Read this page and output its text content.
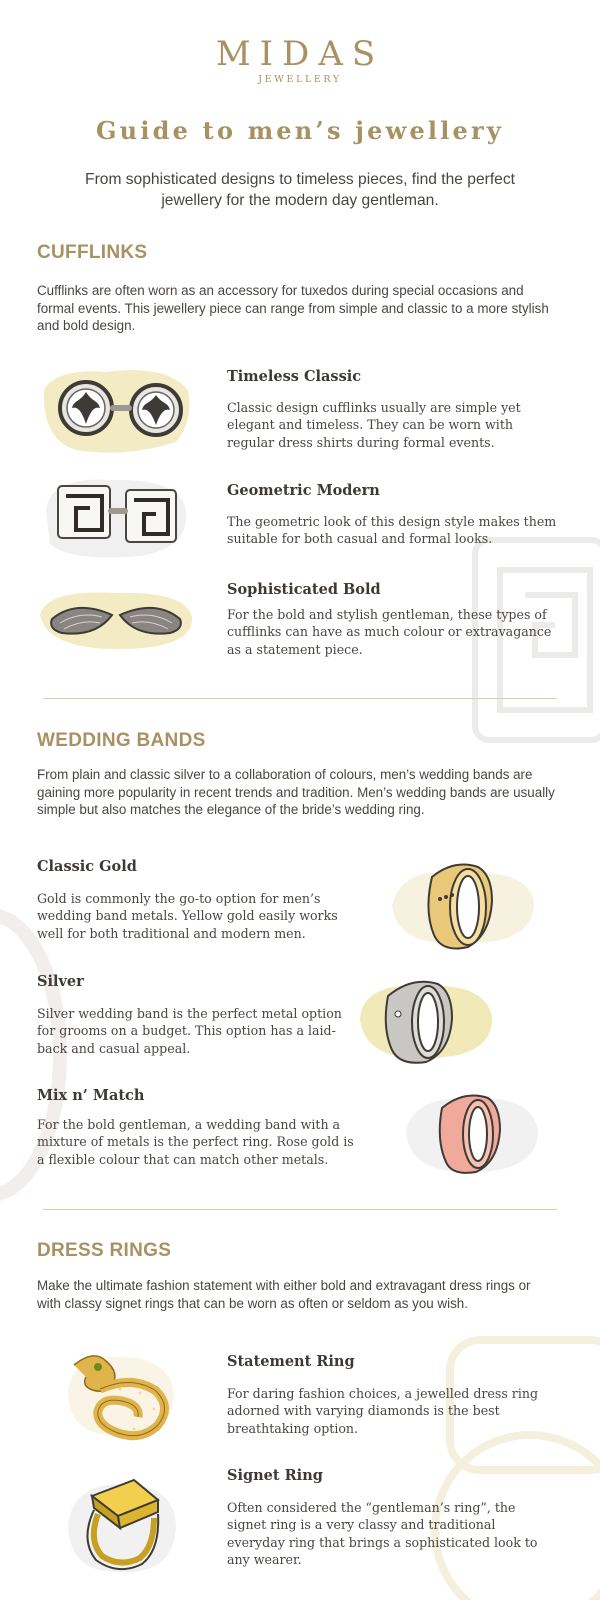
MIDAS
JEWELLERY
Guide to men’s jewellery
From sophisticated designs to timeless pieces, find the perfect jewellery for the modern day gentleman.
CUFFLINKS
Cufflinks are often worn as an accessory for tuxedos during special occasions and formal events. This jewellery piece can range from simple and classic to a more stylish and bold design.
Timeless Classic
Classic design cufflinks usually are simple yet elegant and timeless. They can be worn with regular dress shirts during formal events.
Geometric Modern
The geometric look of this design style makes them suitable for both casual and formal looks.
Sophisticated Bold
For the bold and stylish gentleman, these types of cufflinks can have as much colour or extravagance as a statement piece.
WEDDING BANDS
From plain and classic silver to a collaboration of colours, men’s wedding bands are gaining more popularity in recent trends and tradition. Men’s wedding bands are usually simple but also matches the elegance of the bride’s wedding ring.
Classic Gold
Gold is commonly the go-to option for men’s wedding band metals. Yellow gold easily works well for both traditional and modern men.
Silver
Silver wedding band is the perfect metal option for grooms on a budget. This option has a laid-back and casual appeal.
Mix n’ Match
For the bold gentleman, a wedding band with a mixture of metals is the perfect ring. Rose gold is a flexible colour that can match other metals.
DRESS RINGS
Make the ultimate fashion statement with either bold and extravagant dress rings or with classy signet rings that can be worn as often or seldom as you wish.
Statement Ring
For daring fashion choices, a jewelled dress ring adorned with varying diamonds is the best breathtaking option.
Signet Ring
Often considered the “gentleman’s ring”, the signet ring is a very classy and traditional everyday ring that brings a sophisticated look to any wearer.
